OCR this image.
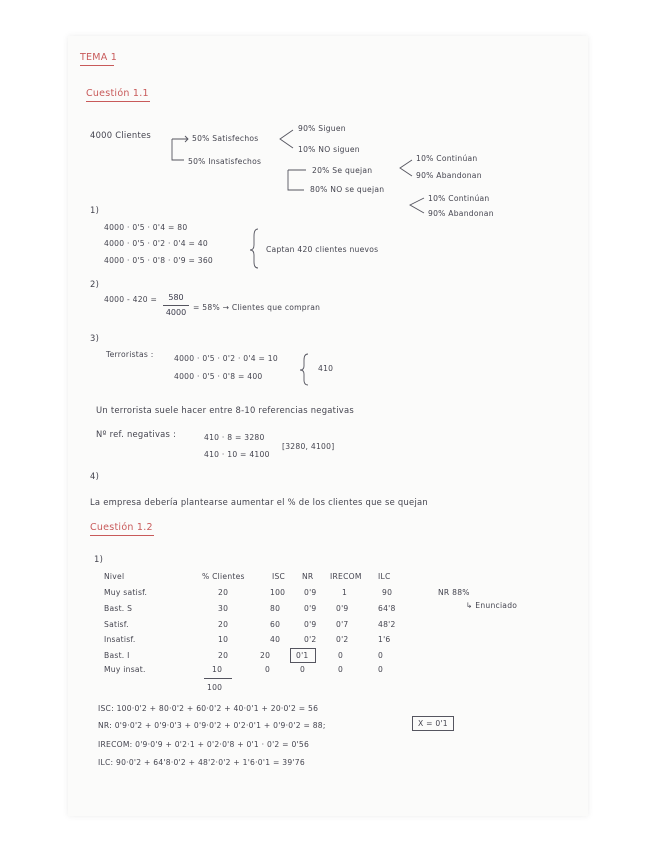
TEMA 1
Cuestión 1.1
4000 Clientes	50% Satisfechos
90% Siguen
10% NO siguen
50% Insatisfechos
20% Se quejan
10% Continúan
90% Abandonan
80% NO se quejan
10% Continúan
90% Abandonan
1)
4000 · 0'5 · 0'4 = 80
4000 · 0'5 · 0'2 · 0'4 = 40
4000 · 0'5 · 0'8 · 0'9 = 360
Captan 420 clientes nuevos
2)
4000 - 420 =	580
4000
= 58% → Clientes que compran
3)
Terroristas :	4000 · 0'5 · 0'2 · 0'4 = 10
4000 · 0'5 · 0'8 = 400
410
Un terrorista suele hacer entre 8-10 referencias negativas
Nº ref. negativas :	410 · 8 = 3280
410 · 10 = 4100
[3280, 4100]
4)
La empresa debería plantearse aumentar el % de los clientes que se quejan
Cuestión 1.2
1)
Nivel	% Clientes	ISC NR IRECOM ILC
Muy satisf.	20	100 0'9	1	90
Bast. S	30	80	0'9	0'9	64'8
Satisf.	20	60	0'9	0'7	48'2
Insatisf.	10	40	0'2	0'2	1'6
Bast. I	20	20	0'1	0	0
Muy insat.	10	0	0	0	0
100
NR 88%
↳ Enunciado
ISC: 100·0'2 + 80·0'2 + 60·0'2 + 40·0'1 + 20·0'2 = 56
NR: 0'9·0'2 + 0'9·0'3 + 0'9·0'2 + 0'2·0'1 + 0'9·0'2 = 88;	X = 0'1
IRECOM: 0'9·0'9 + 0'2·1 + 0'2·0'8 + 0'1 · 0'2 = 0'56
ILC: 90·0'2 + 64'8·0'2 + 48'2·0'2 + 1'6·0'1 = 39'76
